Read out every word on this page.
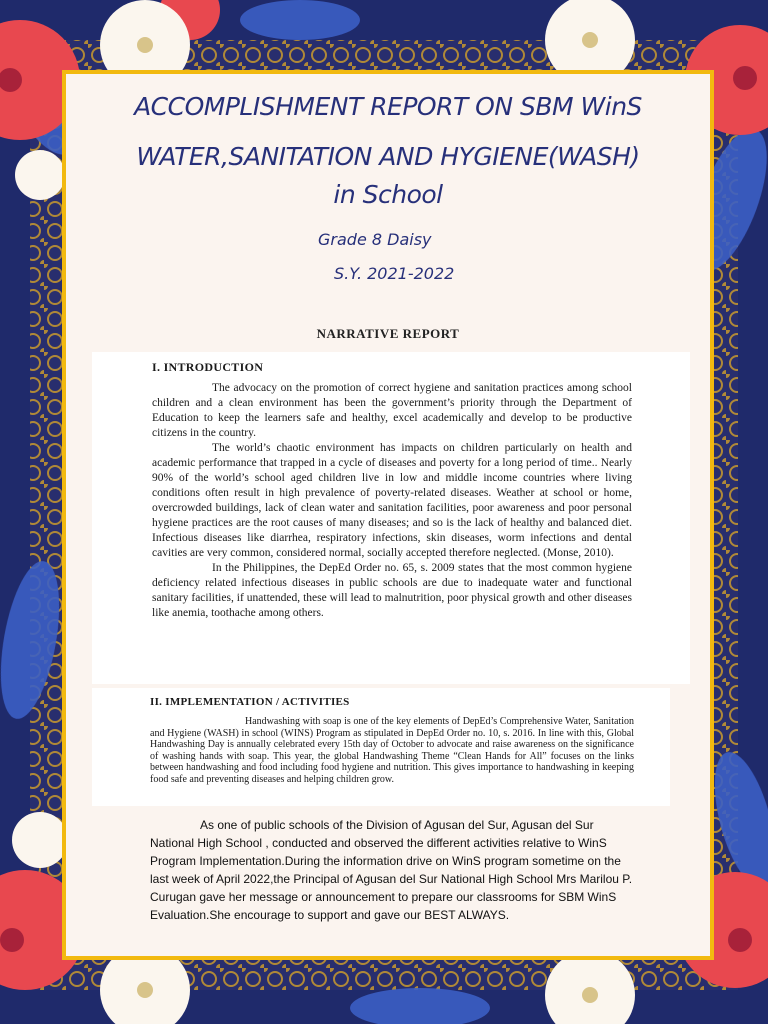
ACCOMPLISHMENT REPORT ON SBM WinS
WATER,SANITATION AND HYGIENE(WASH)
in School
Grade 8 Daisy
S.Y. 2021-2022
NARRATIVE REPORT
I. INTRODUCTION

The advocacy on the promotion of correct hygiene and sanitation practices among school children and a clean environment has been the government’s priority through the Department of Education to keep the learners safe and healthy, excel academically and develop to be productive citizens in the country.

The world’s chaotic environment has impacts on children particularly on health and academic performance that trapped in a cycle of diseases and poverty for a long period of time.. Nearly 90% of the world’s school aged children live in low and middle income countries where living conditions often result in high prevalence of poverty-related diseases. Weather at school or home, overcrowded buildings, lack of clean water and sanitation facilities, poor awareness and poor personal hygiene practices are the root causes of many diseases; and so is the lack of healthy and balanced diet. Infectious diseases like diarrhea, respiratory infections, skin diseases, worm infections and dental cavities are very common, considered normal, socially accepted therefore neglected. (Monse, 2010).

In the Philippines, the DepEd Order no. 65, s. 2009 states that the most common hygiene deficiency related infectious diseases in public schools are due to inadequate water and functional sanitary facilities, if unattended, these will lead to malnutrition, poor physical growth and other diseases like anemia, toothache among others.

II. IMPLEMENTATION / ACTIVITIES

Handwashing with soap is one of the key elements of DepEd’s Comprehensive Water, Sanitation and Hygiene (WASH) in school (WINS) Program as stipulated in DepEd Order no. 10, s. 2016. In line with this, Global Handwashing Day is annually celebrated every 15th day of October to advocate and raise awareness on the significance of washing hands with soap. This year, the global Handwashing Theme “Clean Hands for All” focuses on the links between handwashing and food including food hygiene and nutrition. This gives importance to handwashing in keeping food safe and preventing diseases and helping children grow.

As one of public schools of the Division of Agusan del Sur, Agusan del Sur National High School , conducted and observed the different activities relative to WinS Program Implementation.During the information drive on WinS program sometime on the last week of April 2022,the Principal of Agusan del Sur National High School Mrs Marilou P. Curugan gave her message or announcement to prepare our classrooms for SBM WinS Evaluation.She encourage to support and gave our BEST ALWAYS.
